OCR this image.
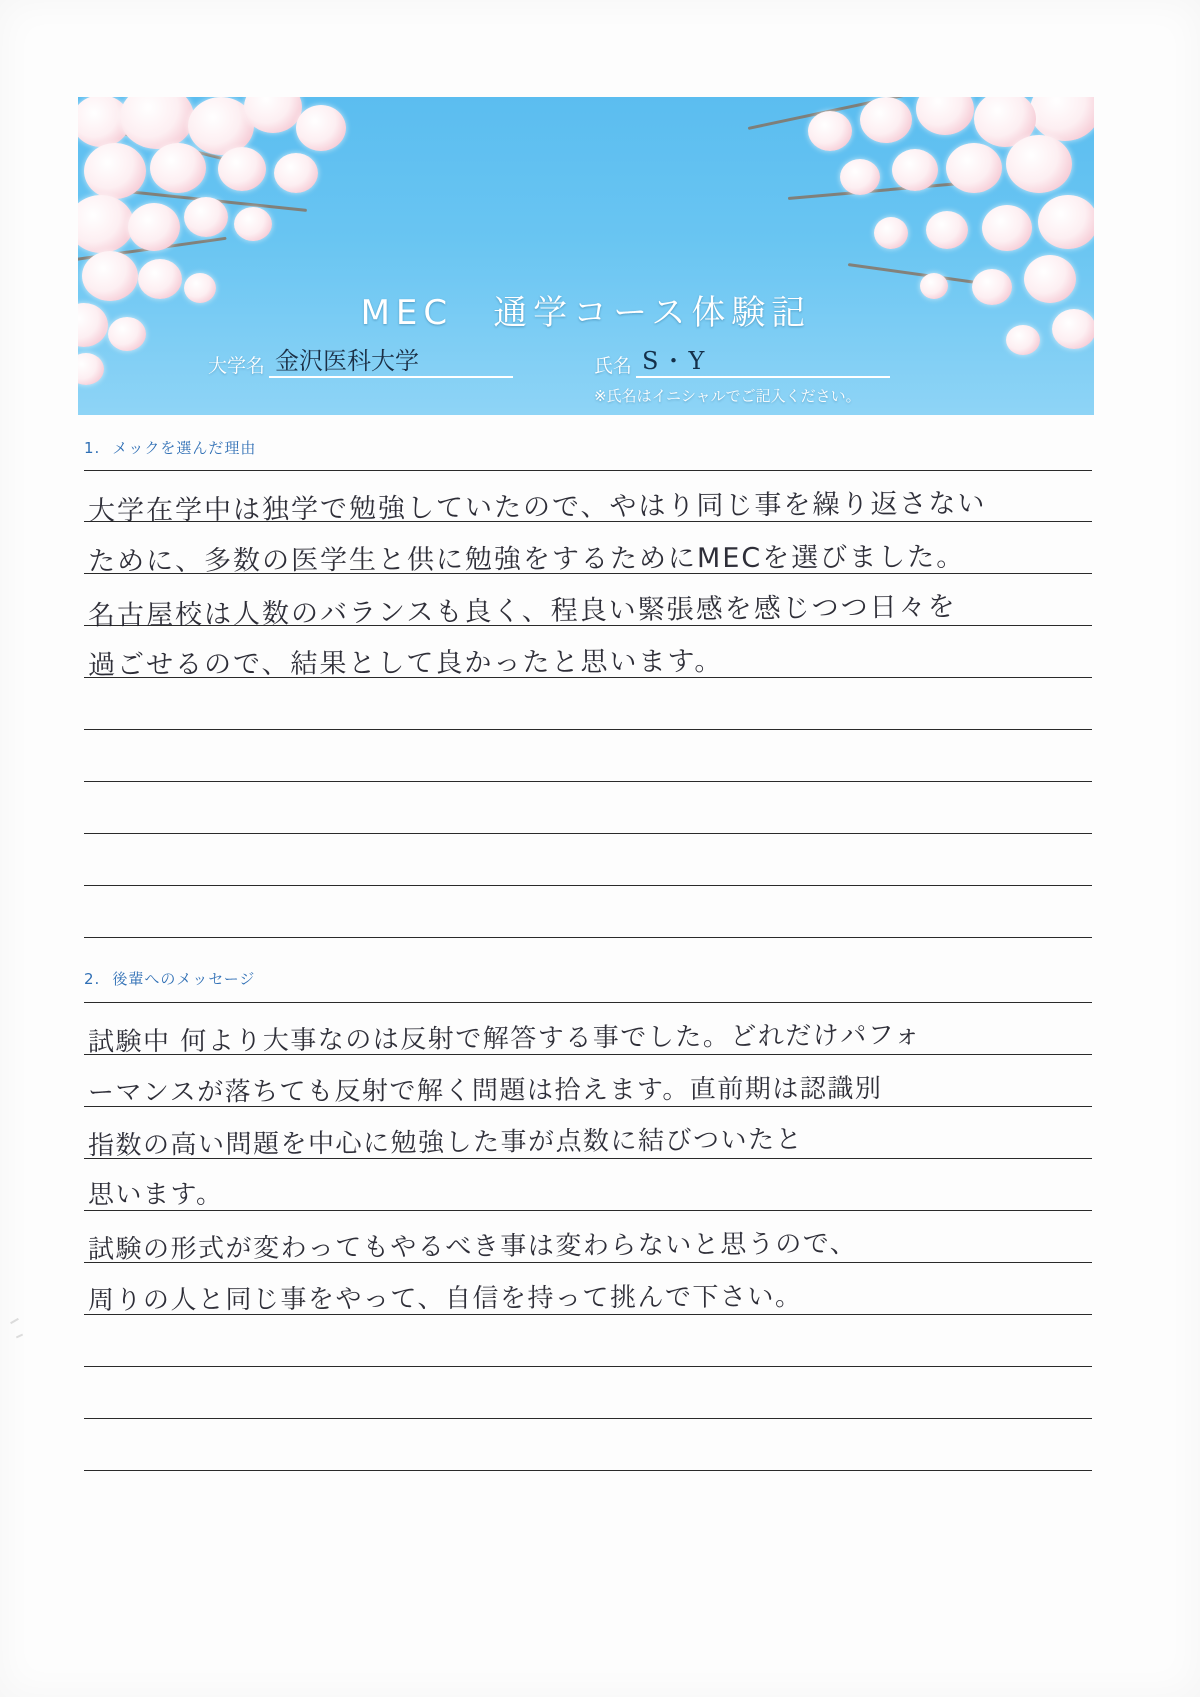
MEC　通学コース体験記
大学名 金沢医科大学	氏名 S・Y
※氏名はイニシャルでご記入ください。
1. メックを選んだ理由
大学在学中は独学で勉強していたので、やはり同じ事を繰り返さない
ために、多数の医学生と供に勉強をするためにMECを選びました。
名古屋校は人数のバランスも良く、程良い緊張感を感じつつ日々を
過ごせるので、結果として良かったと思います。
2. 後輩へのメッセージ
試験中 何より大事なのは反射で解答する事でした。どれだけパフォ
ーマンスが落ちても反射で解く問題は拾えます。直前期は認識別
指数の高い問題を中心に勉強した事が点数に結びついたと
思います。
試験の形式が変わってもやるべき事は変わらないと思うので、
周りの人と同じ事をやって、自信を持って挑んで下さい。
